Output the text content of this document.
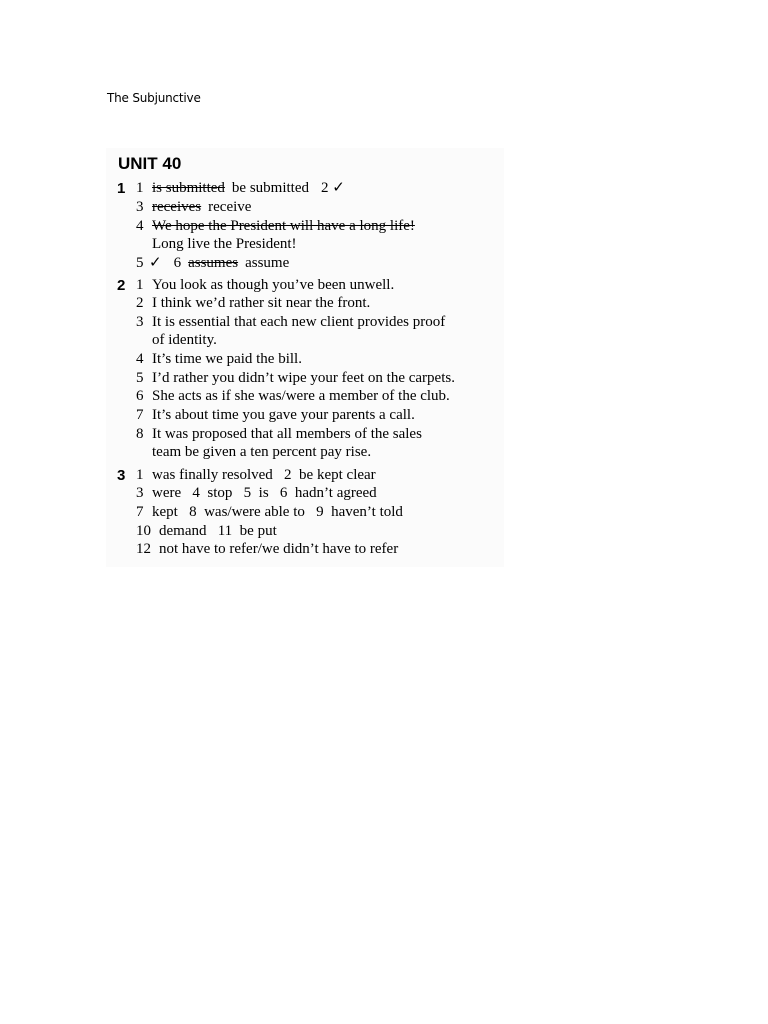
The Subjunctive
UNIT 40
1 1 is submitted be submitted 2 ✓
3 receives receive
4 We hope the President will have a long life!
Long live the President!
5 ✓ 6 assumes assume
2 1 You look as though you’ve been unwell.
2 I think we’d rather sit near the front.
3 It is essential that each new client provides proof
of identity.
4 It’s time we paid the bill.
5 I’d rather you didn’t wipe your feet on the carpets.
6 She acts as if she was/were a member of the club.
7 It’s about time you gave your parents a call.
8 It was proposed that all members of the sales
team be given a ten percent pay rise.
3 1 was finally resolved   2  be kept clear
3 were   4  stop   5  is   6  hadn’t agreed
7 kept   8  was/were able to   9  haven’t told
10 demand   11  be put
12 not have to refer/we didn’t have to refer
